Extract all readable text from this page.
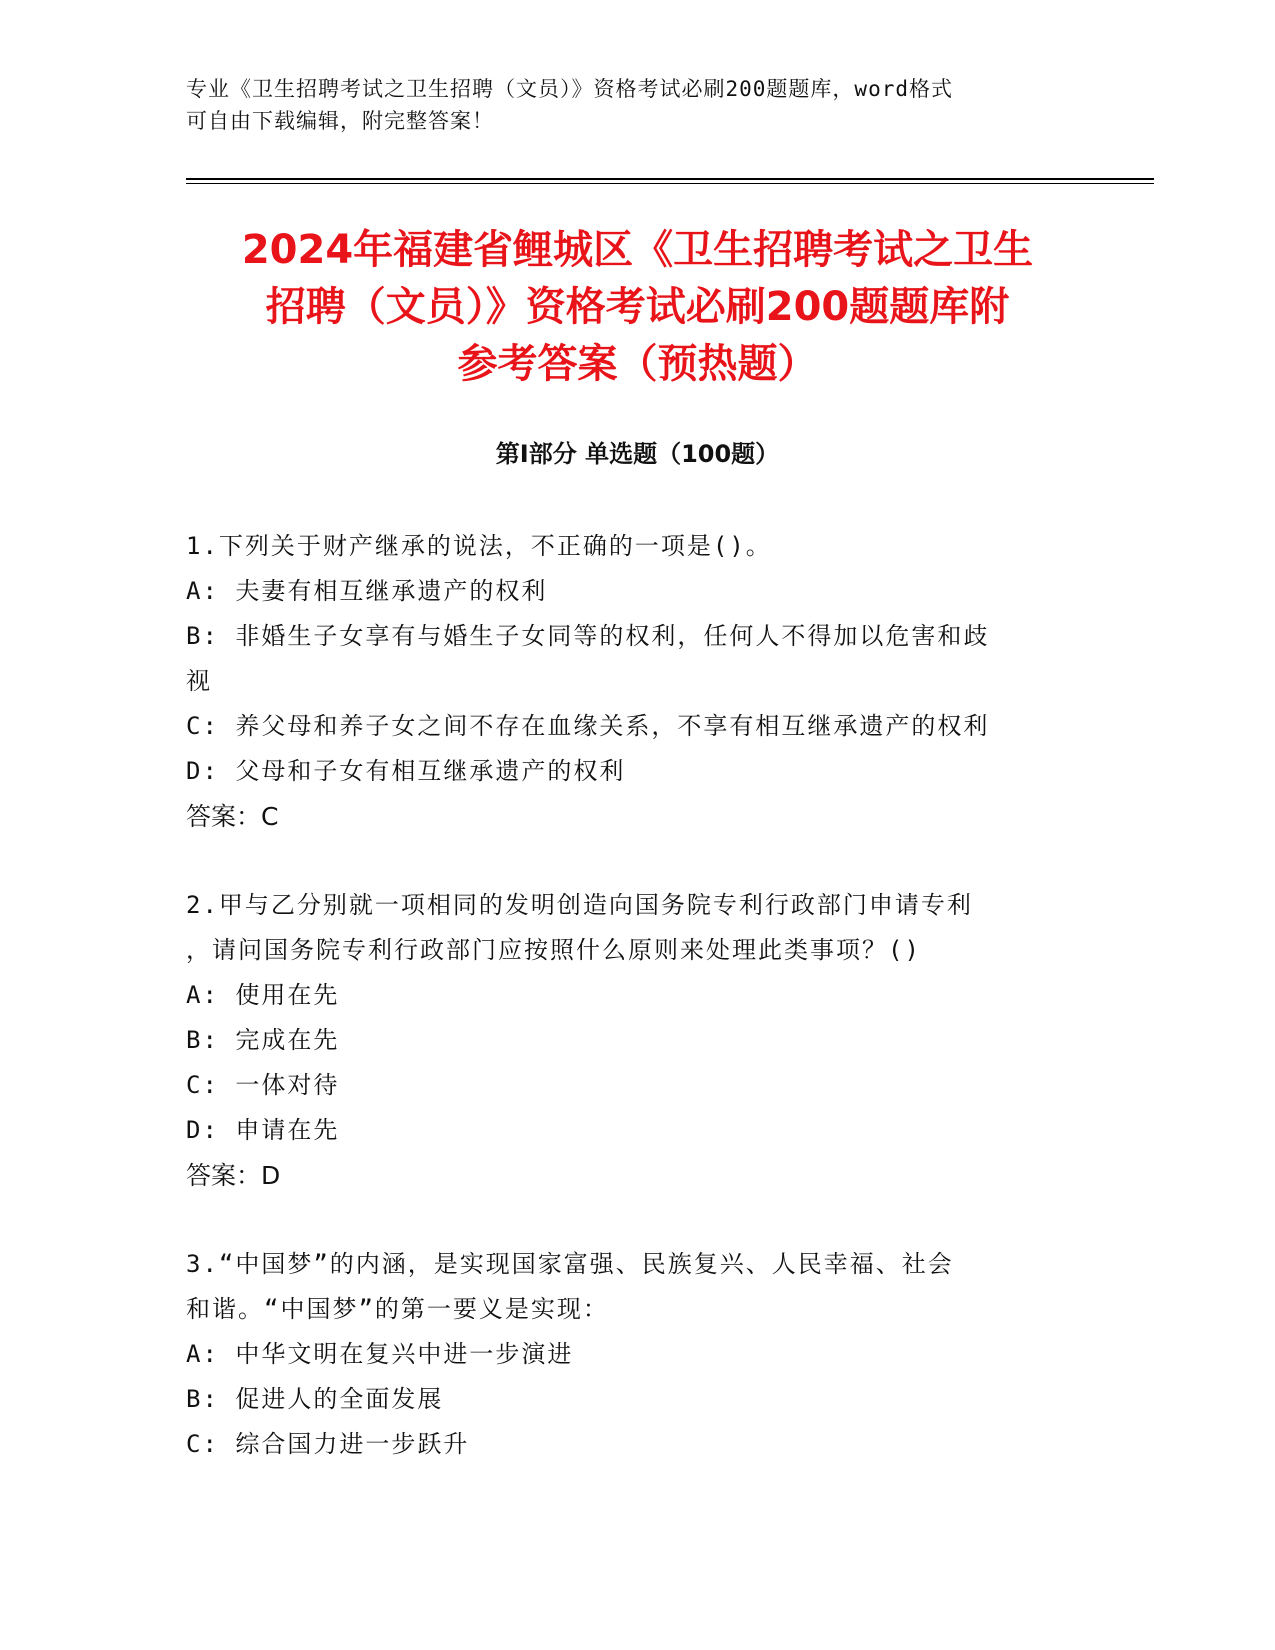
专业《卫生招聘考试之卫生招聘（文员）》资格考试必刷200题题库，word格式
可自由下载编辑，附完整答案！
2024年福建省鲤城区《卫生招聘考试之卫生
招聘（文员）》资格考试必刷200题题库附
参考答案（预热题）
第Ⅰ部分 单选题（100题）
1.下列关于财产继承的说法，不正确的一项是()。
A: 夫妻有相互继承遗产的权利
B: 非婚生子女享有与婚生子女同等的权利，任何人不得加以危害和歧
视
C: 养父母和养子女之间不存在血缘关系，不享有相互继承遗产的权利
D: 父母和子女有相互继承遗产的权利
答案：C
2.甲与乙分别就一项相同的发明创造向国务院专利行政部门申请专利
，请问国务院专利行政部门应按照什么原则来处理此类事项？()
A: 使用在先
B: 完成在先
C: 一体对待
D: 申请在先
答案：D
3.“中国梦”的内涵，是实现国家富强、民族复兴、人民幸福、社会
和谐。“中国梦”的第一要义是实现：
A: 中华文明在复兴中进一步演进
B: 促进人的全面发展
C: 综合国力进一步跃升
